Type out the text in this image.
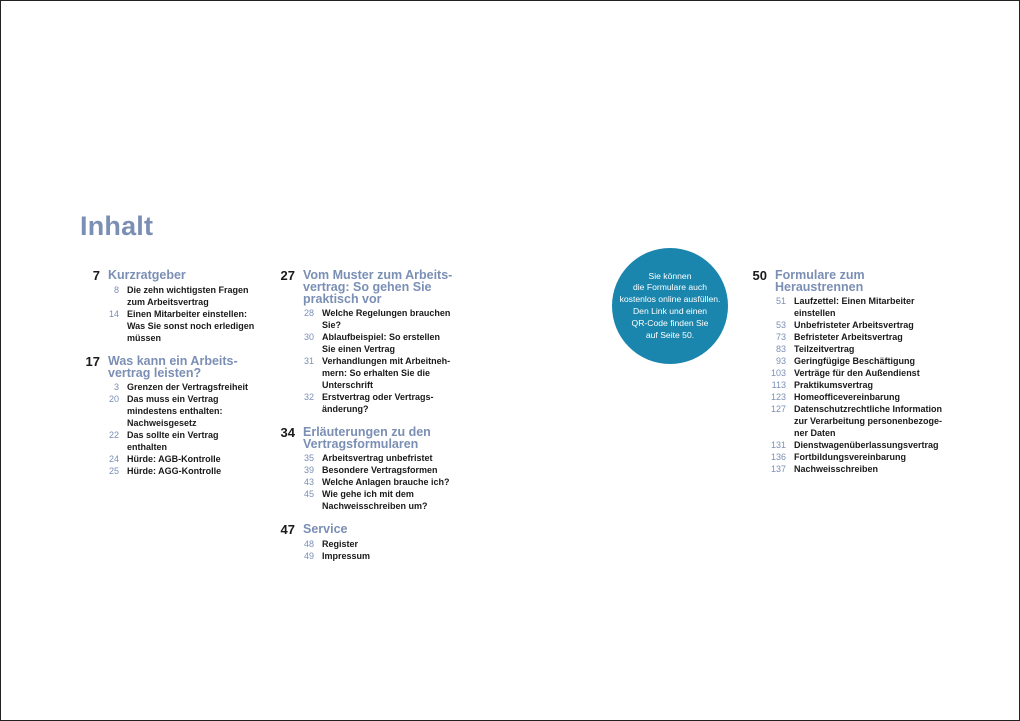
Inhalt
7 Kurzratgeber
8 Die zehn wichtigsten Fragen
zum Arbeitsvertrag
14 Einen Mitarbeiter einstellen:
Was Sie sonst noch erledigen
müssen
17 Was kann ein Arbeits-
vertrag leisten?
3 Grenzen der Vertragsfreiheit
20 Das muss ein Vertrag
mindestens enthalten:
Nachweisgesetz
22 Das sollte ein Vertrag
enthalten
24 Hürde: AGB-Kontrolle
25 Hürde: AGG-Kontrolle
27 Vom Muster zum Arbeits-
vertrag: So gehen Sie
praktisch vor
28 Welche Regelungen brauchen
Sie?
30 Ablaufbeispiel: So erstellen
Sie einen Vertrag
31 Verhandlungen mit Arbeitneh-
mern: So erhalten Sie die
Unterschrift
32 Erstvertrag oder Vertrags-
änderung?
34 Erläuterungen zu den
Vertragsformularen
35 Arbeitsvertrag unbefristet
39 Besondere Vertragsformen
43 Welche Anlagen brauche ich?
45 Wie gehe ich mit dem
Nachweisschreiben um?
47 Service
48 Register
49 Impressum
50 Formulare zum
Heraustrennen
51 Laufzettel: Einen Mitarbeiter
einstellen
53 Unbefristeter Arbeitsvertrag
73 Befristeter Arbeitsvertrag
83 Teilzeitvertrag
93 Geringfügige Beschäftigung
103 Verträge für den Außendienst
113 Praktikumsvertrag
123 Homeofficevereinbarung
127 Datenschutzrechtliche Information
zur Verarbeitung personenbezoge-
ner Daten
131 Dienstwagenüberlassungsvertrag
136 Fortbildungsvereinbarung
137 Nachweisschreiben
Sie können
die Formulare auch
kostenlos online ausfüllen.
Den Link und einen
QR-Code finden Sie
auf Seite 50.
